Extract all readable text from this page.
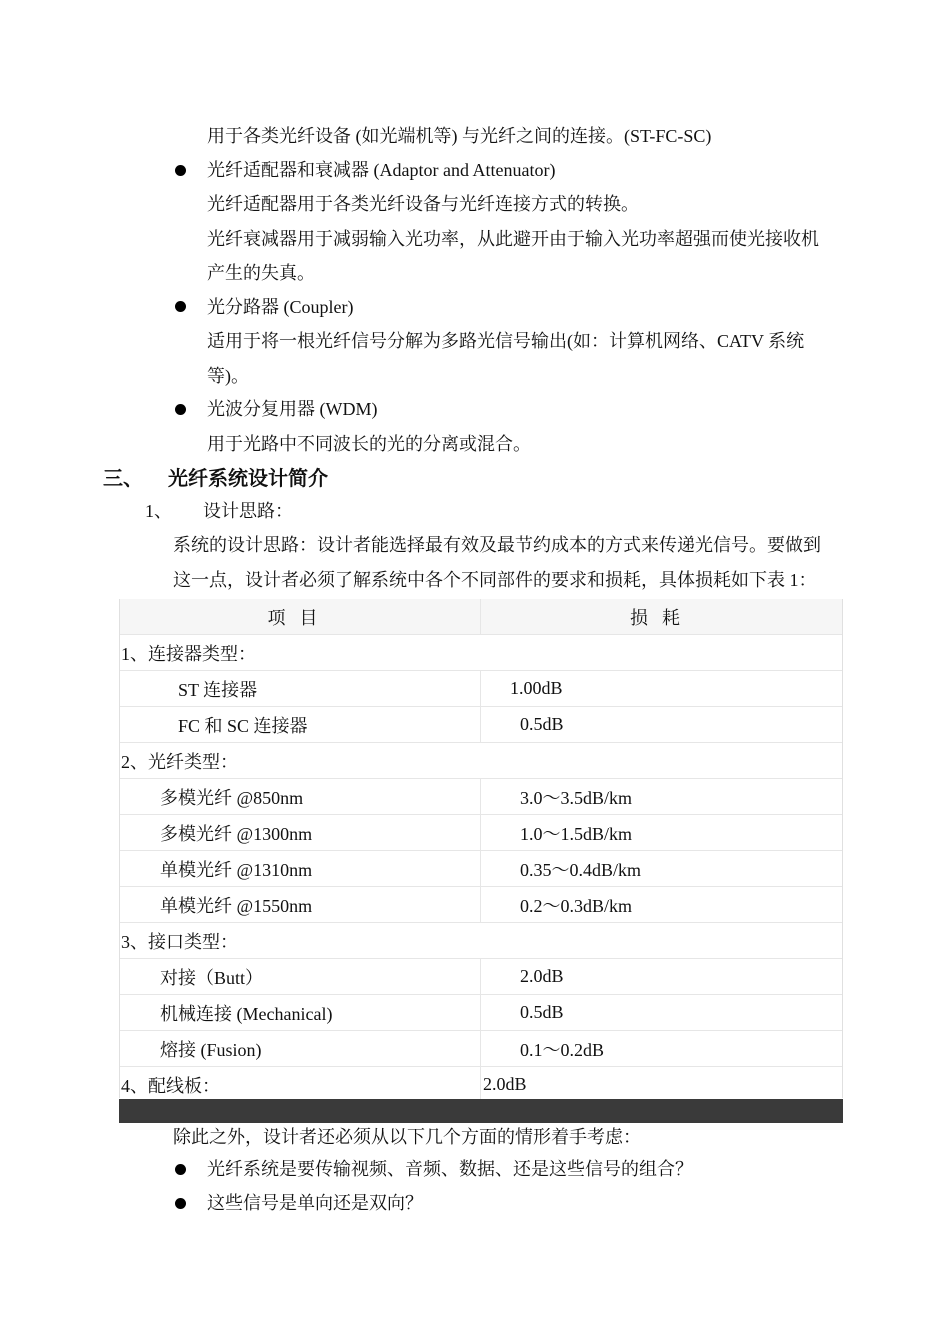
用于各类光纤设备 (如光端机等) 与光纤之间的连接。(ST-FC-SC)
光纤适配器和衰减器 (Adaptor and Attenuator)
光纤适配器用于各类光纤设备与光纤连接方式的转换。
光纤衰减器用于减弱输入光功率，从此避开由于输入光功率超强而使光接收机
产生的失真。
光分路器 (Coupler)
适用于将一根光纤信号分解为多路光信号输出(如：计算机网络、CATV 系统
等)。
光波分复用器 (WDM)
用于光路中不同波长的光的分离或混合。
三、 光纤系统设计简介
1、 设计思路：
系统的设计思路：设计者能选择最有效及最节约成本的方式来传递光信号。要做到
这一点，设计者必须了解系统中各个不同部件的要求和损耗，具体损耗如下表 1：
项目	损耗
1、连接器类型：	
ST 连接器	1.00dB
FC 和 SC 连接器	0.5dB
2、光纤类型：	
多模光纤 @850nm	3.0～3.5dB/km
多模光纤 @1300nm	1.0～1.5dB/km
单模光纤 @1310nm	0.35～0.4dB/km
单模光纤 @1550nm	0.2～0.3dB/km
3、接口类型：	
对接（Butt）	2.0dB
机械连接 (Mechanical)	0.5dB
熔接 (Fusion)	0.1～0.2dB
4、配线板：	2.0dB
除此之外，设计者还必须从以下几个方面的情形着手考虑：
光纤系统是要传输视频、音频、数据、还是这些信号的组合？
这些信号是单向还是双向？
